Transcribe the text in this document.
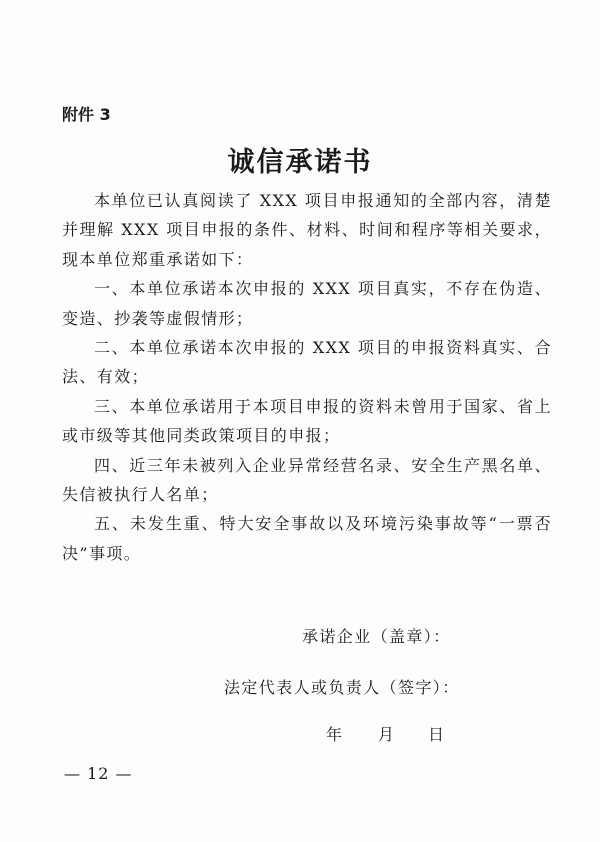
附件 3
诚信承诺书

本单位已认真阅读了 XXX 项目申报通知的全部内容，清楚并理解 XXX 项目申报的条件、材料、时间和程序等相关要求，现本单位郑重承诺如下：

一、本单位承诺本次申报的 XXX 项目真实，不存在伪造、变造、抄袭等虚假情形；

二、本单位承诺本次申报的 XXX 项目的申报资料真实、合法、有效；

三、本单位承诺用于本项目申报的资料未曾用于国家、省上或市级等其他同类政策项目的申报；

四、近三年未被列入企业异常经营名录、安全生产黑名单、失信被执行人名单；

五、未发生重、特大安全事故以及环境污染事故等“一票否决”事项。

承诺企业（盖章）：
法定代表人或负责人（签字）：
年	月	日
— 12 —
